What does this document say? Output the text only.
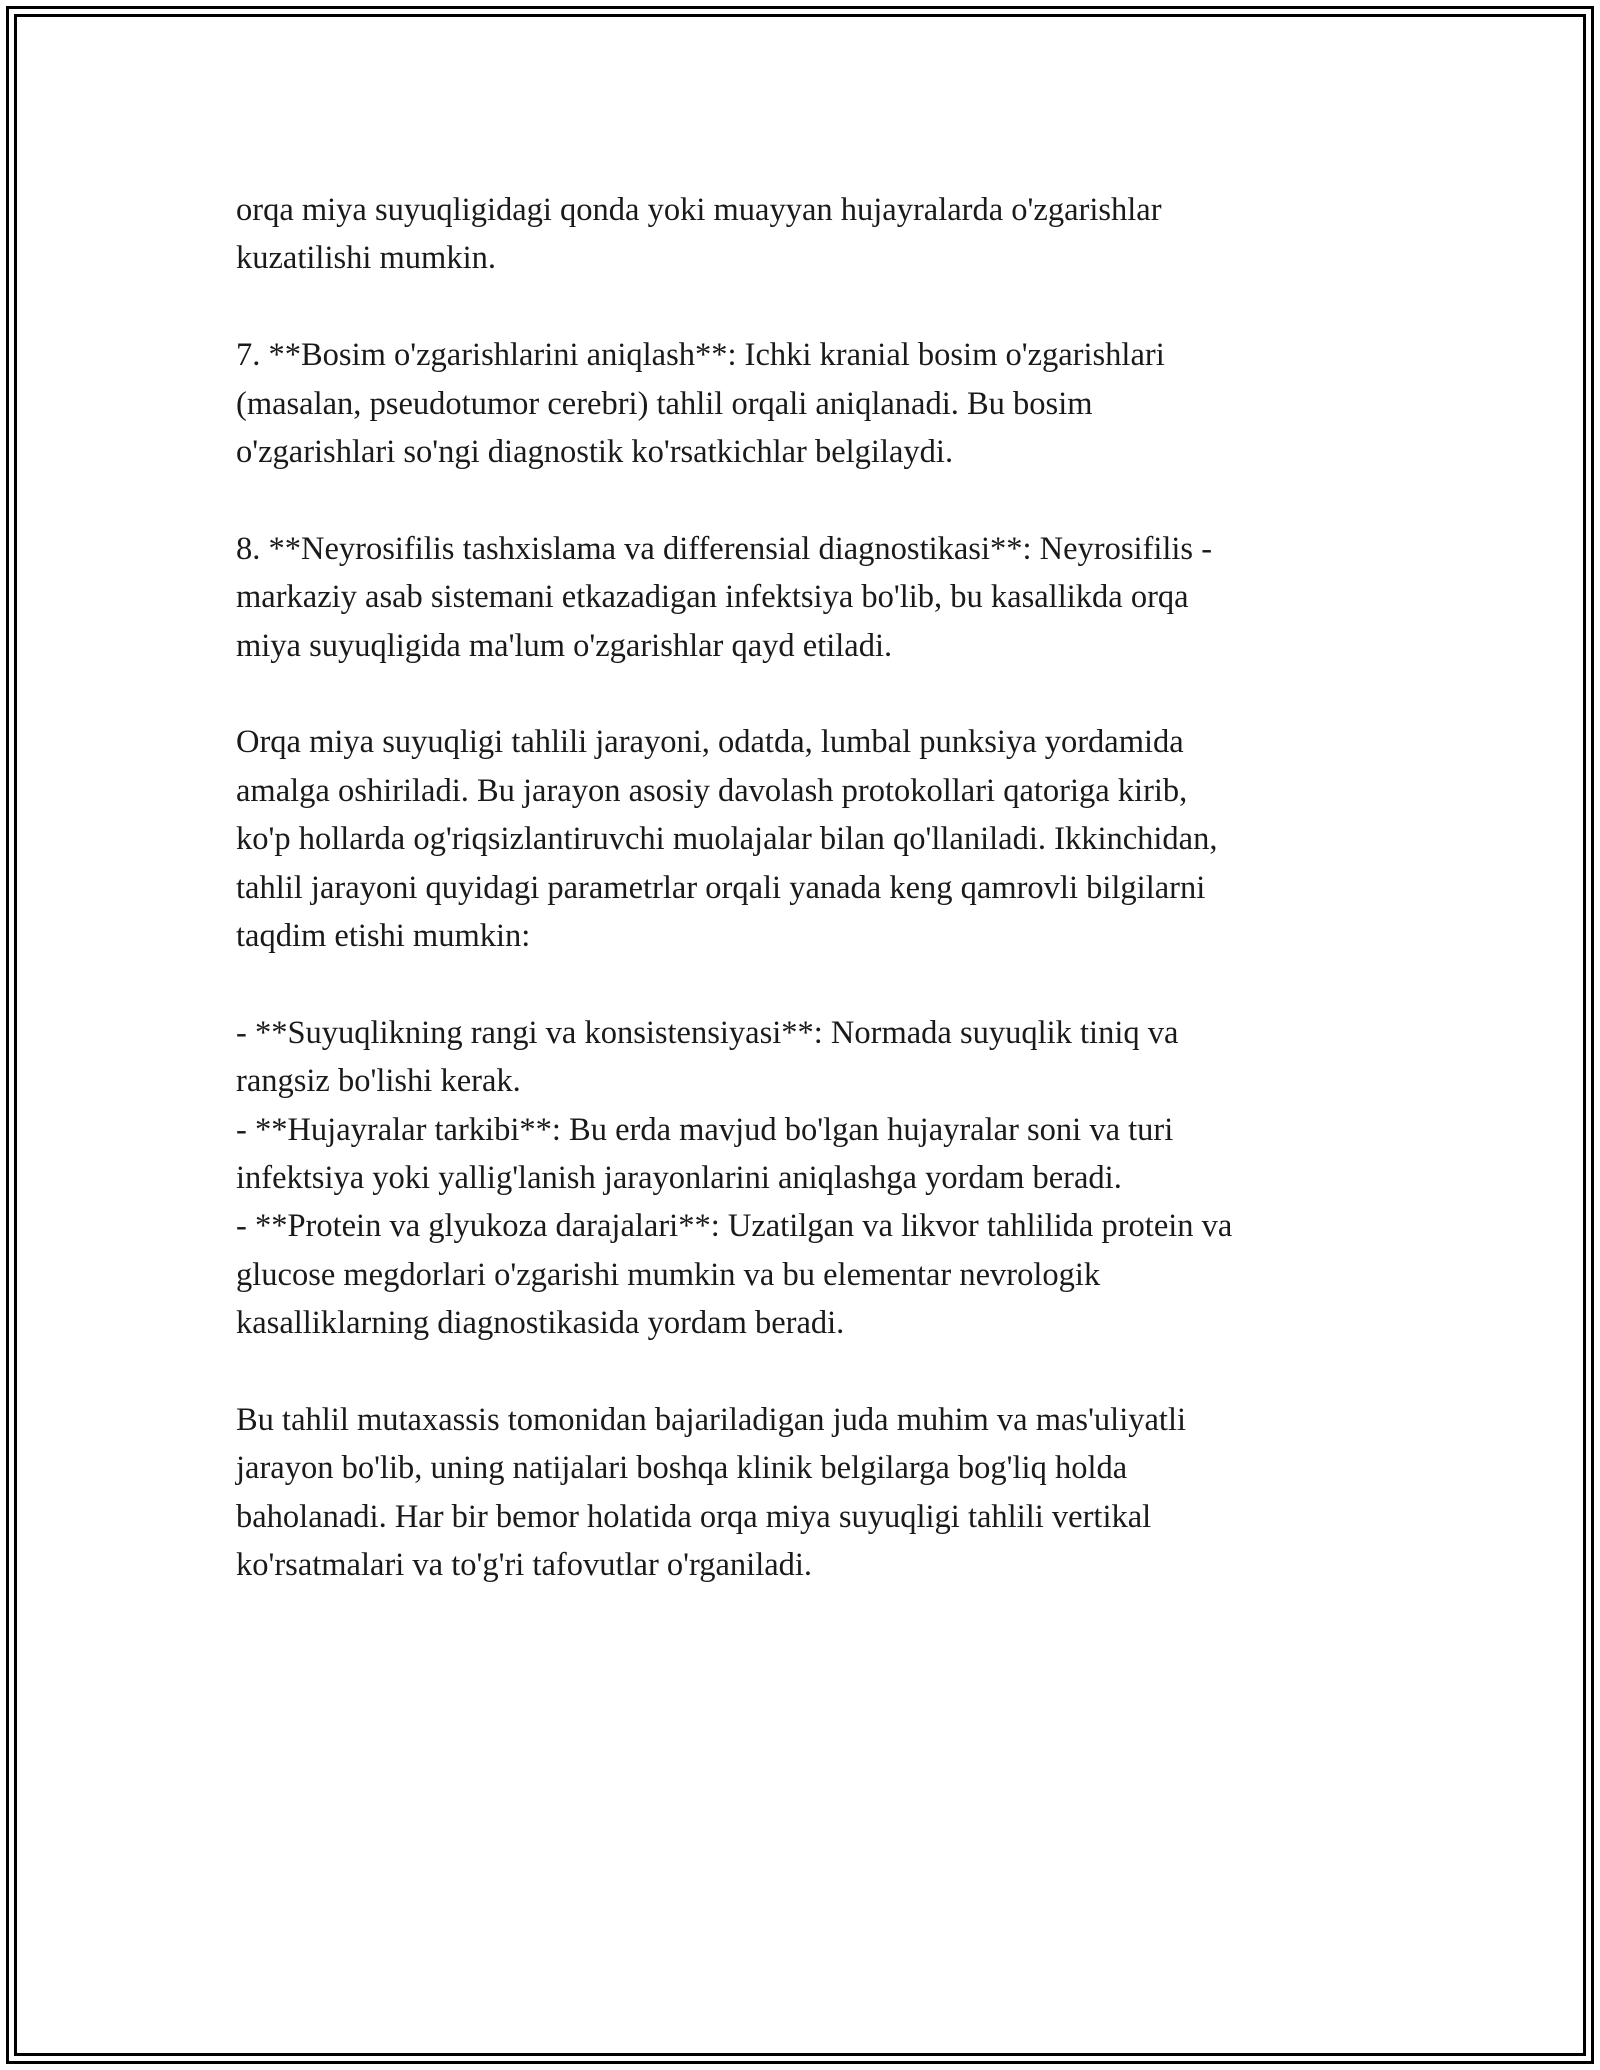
orqa miya suyuqligidagi qonda yoki muayyan hujayralarda o'zgarishlar
kuzatilishi mumkin.

7. **Bosim o'zgarishlarini aniqlash**: Ichki kranial bosim o'zgarishlari
(masalan, pseudotumor cerebri) tahlil orqali aniqlanadi. Bu bosim
o'zgarishlari so'ngi diagnostik ko'rsatkichlar belgilaydi.

8. **Neyrosifilis tashxislama va differensial diagnostikasi**: Neyrosifilis -
markaziy asab sistemani etkazadigan infektsiya bo'lib, bu kasallikda orqa
miya suyuqligida ma'lum o'zgarishlar qayd etiladi.

Orqa miya suyuqligi tahlili jarayoni, odatda, lumbal punksiya yordamida
amalga oshiriladi. Bu jarayon asosiy davolash protokollari qatoriga kirib,
ko'p hollarda og'riqsizlantiruvchi muolajalar bilan qo'llaniladi. Ikkinchidan,
tahlil jarayoni quyidagi parametrlar orqali yanada keng qamrovli bilgilarni
taqdim etishi mumkin:

- **Suyuqlikning rangi va konsistensiyasi**: Normada suyuqlik tiniq va
rangsiz bo'lishi kerak.
- **Hujayralar tarkibi**: Bu erda mavjud bo'lgan hujayralar soni va turi
infektsiya yoki yallig'lanish jarayonlarini aniqlashga yordam beradi.
- **Protein va glyukoza darajalari**: Uzatilgan va likvor tahlilida protein va
glucose megdorlari o'zgarishi mumkin va bu elementar nevrologik
kasalliklarning diagnostikasida yordam beradi.

Bu tahlil mutaxassis tomonidan bajariladigan juda muhim va mas'uliyatli
jarayon bo'lib, uning natijalari boshqa klinik belgilarga bog'liq holda
baholanadi. Har bir bemor holatida orqa miya suyuqligi tahlili vertikal
ko'rsatmalari va to'g'ri tafovutlar o'rganiladi.
